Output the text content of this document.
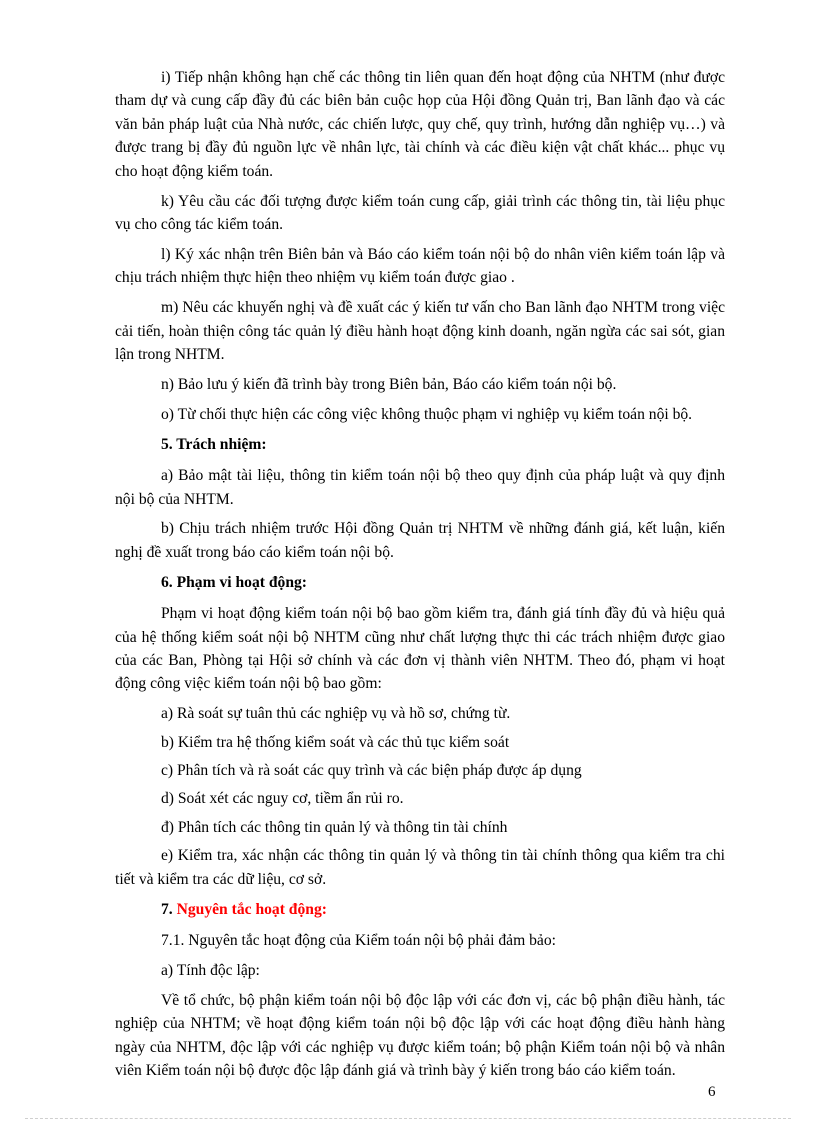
i) Tiếp nhận không hạn chế các thông tin liên quan đến hoạt động của NHTM (như được tham dự và cung cấp đầy đủ các biên bản cuộc họp của Hội đồng Quản trị, Ban lãnh đạo và các văn bản pháp luật của Nhà nước, các chiến lược, quy chế, quy trình, hướng dẫn nghiệp vụ…) và được trang bị đầy đủ nguồn lực về nhân lực, tài chính và các điều kiện vật chất khác... phục vụ cho hoạt động kiểm toán.

k) Yêu cầu các đối tượng được kiểm toán cung cấp, giải trình các thông tin, tài liệu phục vụ cho công tác kiểm toán.

l) Ký xác nhận trên Biên bản và Báo cáo kiểm toán nội bộ do nhân viên kiểm toán lập và chịu trách nhiệm thực hiện theo nhiệm vụ kiểm toán được giao .

m) Nêu các khuyến nghị và đề xuất các ý kiến tư vấn cho Ban lãnh đạo NHTM trong việc cải tiến, hoàn thiện công tác quản lý điều hành hoạt động kinh doanh, ngăn ngừa các sai sót, gian lận trong NHTM.

n) Bảo lưu ý kiến đã trình bày trong Biên bản, Báo cáo kiểm toán nội bộ.

o) Từ chối thực hiện các công việc không thuộc phạm vi nghiệp vụ kiểm toán nội bộ.

5. Trách nhiệm:

a) Bảo mật tài liệu, thông tin kiểm toán nội bộ theo quy định của pháp luật và quy định nội bộ của NHTM.

b) Chịu trách nhiệm trước Hội đồng Quản trị NHTM về những đánh giá, kết luận, kiến nghị đề xuất trong báo cáo kiểm toán nội bộ.

6. Phạm vi hoạt động:

Phạm vi hoạt động kiểm toán nội bộ bao gồm kiểm tra, đánh giá tính đầy đủ và hiệu quả của hệ thống kiểm soát nội bộ NHTM cũng như chất lượng thực thi các trách nhiệm được giao của các Ban, Phòng tại Hội sở chính và các đơn vị thành viên NHTM. Theo đó, phạm vi hoạt động công việc kiểm toán nội bộ bao gồm:

a) Rà soát sự tuân thủ các nghiệp vụ và hồ sơ, chứng từ.

b) Kiểm tra hệ thống kiểm soát và các thủ tục kiểm soát

c) Phân tích và rà soát các quy trình và các biện pháp được áp dụng

d) Soát xét các nguy cơ, tiềm ẩn rủi ro.

đ) Phân tích các thông tin quản lý và thông tin tài chính

e) Kiểm tra, xác nhận các thông tin quản lý và thông tin tài chính thông qua kiểm tra chi tiết và kiểm tra các dữ liệu, cơ sở.

7. Nguyên tắc hoạt động:

7.1. Nguyên tắc hoạt động của Kiểm toán nội bộ phải đảm bảo:

a) Tính độc lập:

Về tổ chức, bộ phận kiểm toán nội bộ độc lập với các đơn vị, các bộ phận điều hành, tác nghiệp của NHTM; về hoạt động kiểm toán nội bộ độc lập với các hoạt động điều hành hàng ngày của NHTM, độc lập với các nghiệp vụ được kiểm toán; bộ phận Kiểm toán nội bộ và nhân viên Kiểm toán nội bộ được độc lập đánh giá và trình bày ý kiến trong báo cáo kiểm toán.

6
